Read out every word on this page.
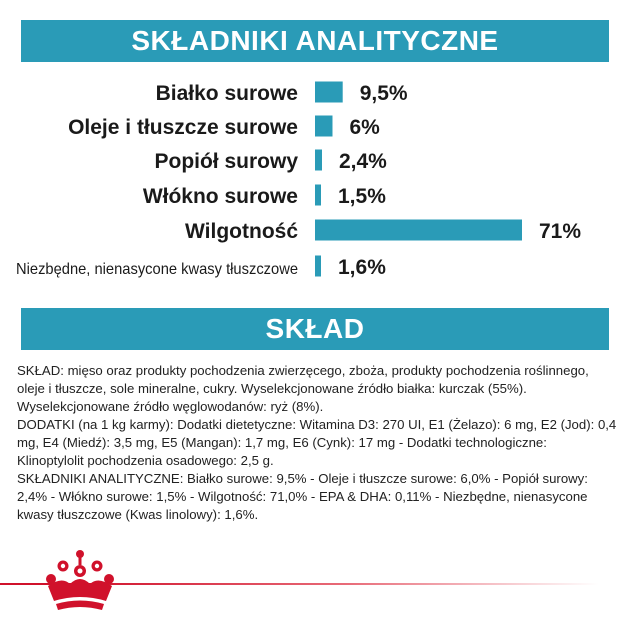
SKŁADNIKI ANALITYCZNE
Białko surowe	9,5%
Oleje i tłuszcze surowe 6%
Popiół surowy 2,4%
Włókno surowe 1,5%
Wilgotność	71%
Niezbędne, nienasycone kwasy tłuszczowe 1,6%
SKŁAD

SKŁAD: mięso oraz produkty pochodzenia zwierzęcego, zboża, produkty pochodzenia roślinnego, oleje i tłuszcze, sole mineralne, cukry. Wyselekcjonowane źródło białka: kurczak (55%). Wyselekcjonowane źródło węglowodanów: ryż (8%).

DODATKI (na 1 kg karmy): Dodatki dietetyczne: Witamina D3: 270 UI, E1 (Żelazo): 6 mg, E2 (Jod): 0,4 mg, E4 (Miedź): 3,5 mg, E5 (Mangan): 1,7 mg, E6 (Cynk): 17 mg - Dodatki technologiczne: Klinoptylolit pochodzenia osadowego: 2,5 g.

SKŁADNIKI ANALITYCZNE: Białko surowe: 9,5% - Oleje i tłuszcze surowe: 6,0% - Popiół surowy: 2,4% - Włókno surowe: 1,5% - Wilgotność: 71,0% - EPA & DHA: 0,11% - Niezbędne, nienasycone kwasy tłuszczowe (Kwas linolowy): 1,6%.
